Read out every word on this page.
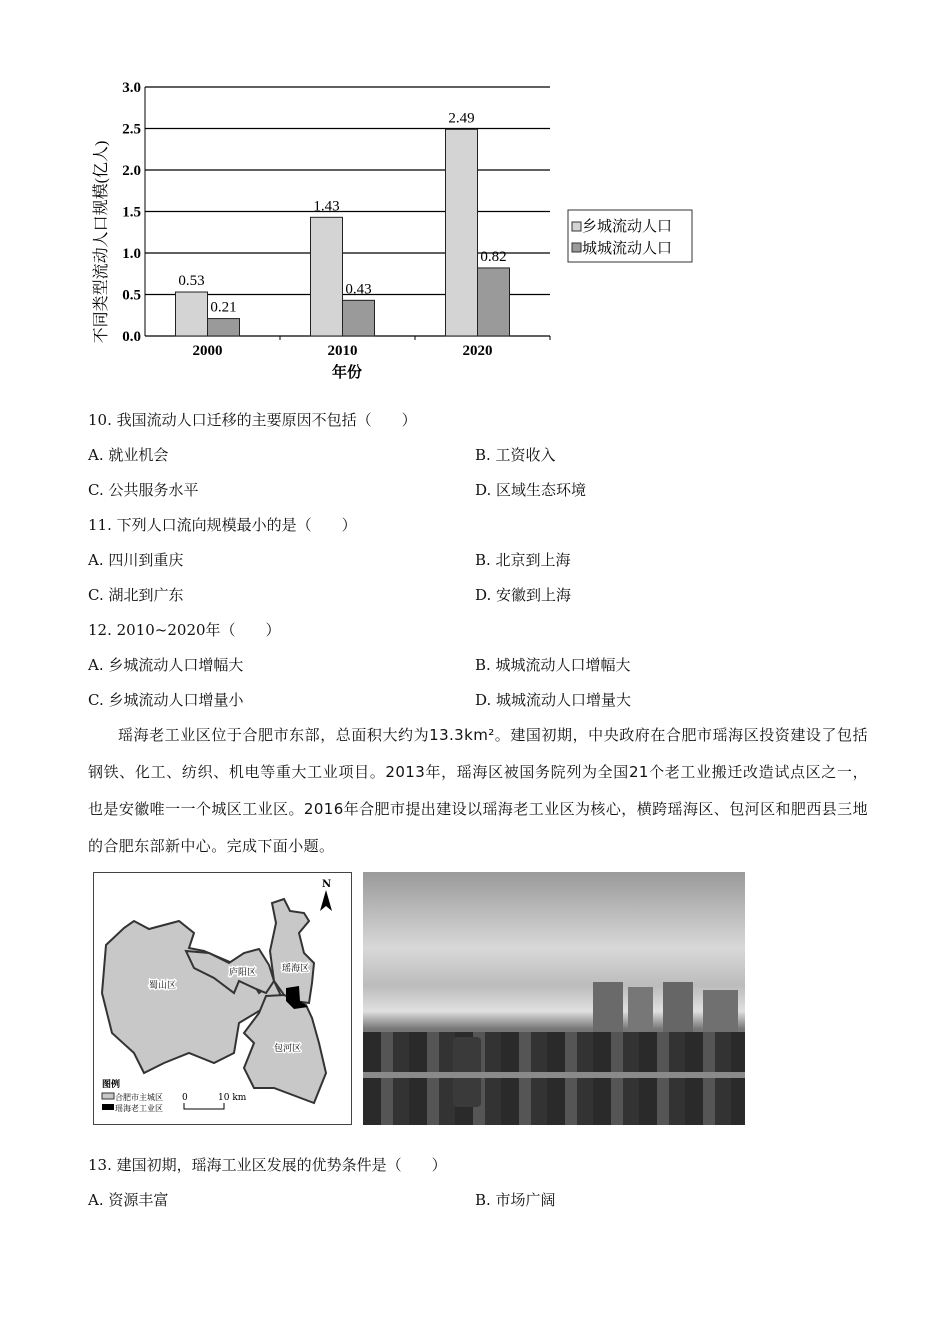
0.0
0.5
1.0
1.5
2.0
2.5
3.0
2000
0.53
0.21
2010
1.43
0.43
2020
2.49
0.82
不同类型流动人口规模(亿人)
年份
乡城流动人口
城城流动人口
10. 我国流动人口迁移的主要原因不包括（　　）
A. 就业机会	B. 工资收入
C. 公共服务水平	D. 区域生态环境
11. 下列人口流向规模最小的是（　　）
A. 四川到重庆	B. 北京到上海
C. 湖北到广东	D. 安徽到上海
12. 2010~2020年（　　）
A. 乡城流动人口增幅大	B. 城城流动人口增幅大
C. 乡城流动人口增量小	D. 城城流动人口增量大
瑶海老工业区位于合肥市东部，总面积大约为13.3km²。建国初期，中央政府在合肥市瑶海区投资建设了包括钢铁、化工、纺织、机电等重大工业项目。2013年，瑶海区被国务院列为全国21个老工业搬迁改造试点区之一，也是安徽唯一一个城区工业区。2016年合肥市提出建设以瑶海老工业区为核心，横跨瑶海区、包河区和肥西县三地的合肥东部新中心。完成下面小题。
蜀山区
庐阳区	瑶海区
包河区
N
图例
合肥市主城区
瑶海老工业区
0	10 km
13. 建国初期，瑶海工业区发展的优势条件是（　　）
A. 资源丰富	B. 市场广阔
